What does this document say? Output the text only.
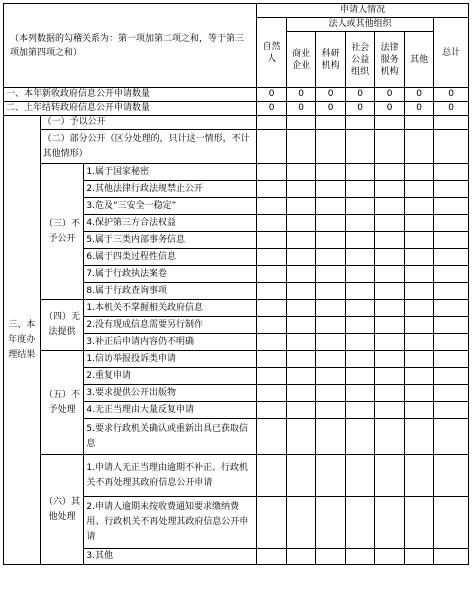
（本列数据的勾稽关系为：第一项加第二项之和，等于第三项加第四项之和）			申请人情况						
			自然人	法人或其他组织					总计
				商业企业	科研机构	社会公益组织	法律服务机构	其他	
一、本年新收政府信息公开申请数量			0	0	0	0	0	0	0
二、上年结转政府信息公开申请数量			0	0	0	0	0	0	0
三、本年度办理结果	（一）予以公开								
	（二）部分公开（区分处理的，只计这一情形，不计其他情形）								
	（三）不予公开	1.属于国家秘密							
		2.其他法律行政法规禁止公开							
		3.危及“三安全一稳定”							
		4.保护第三方合法权益							
		5.属于三类内部事务信息							
		6.属于四类过程性信息							
		7.属于行政执法案卷							
		8.属于行政查询事项							
	（四）无法提供	1.本机关不掌握相关政府信息							
		2.没有现成信息需要另行制作							
		3.补正后申请内容仍不明确							
	（五）不予处理	1.信访举报投诉类申请							
		2.重复申请							
		3.要求提供公开出版物							
		4.无正当理由大量反复申请							
		5.要求行政机关确认或重新出具已获取信息							
	（六）其他处理	1.申请人无正当理由逾期不补正、行政机关不再处理其政府信息公开申请							
		2.申请人逾期未按收费通知要求缴纳费用、行政机关不再处理其政府信息公开申请							
		3.其他							
